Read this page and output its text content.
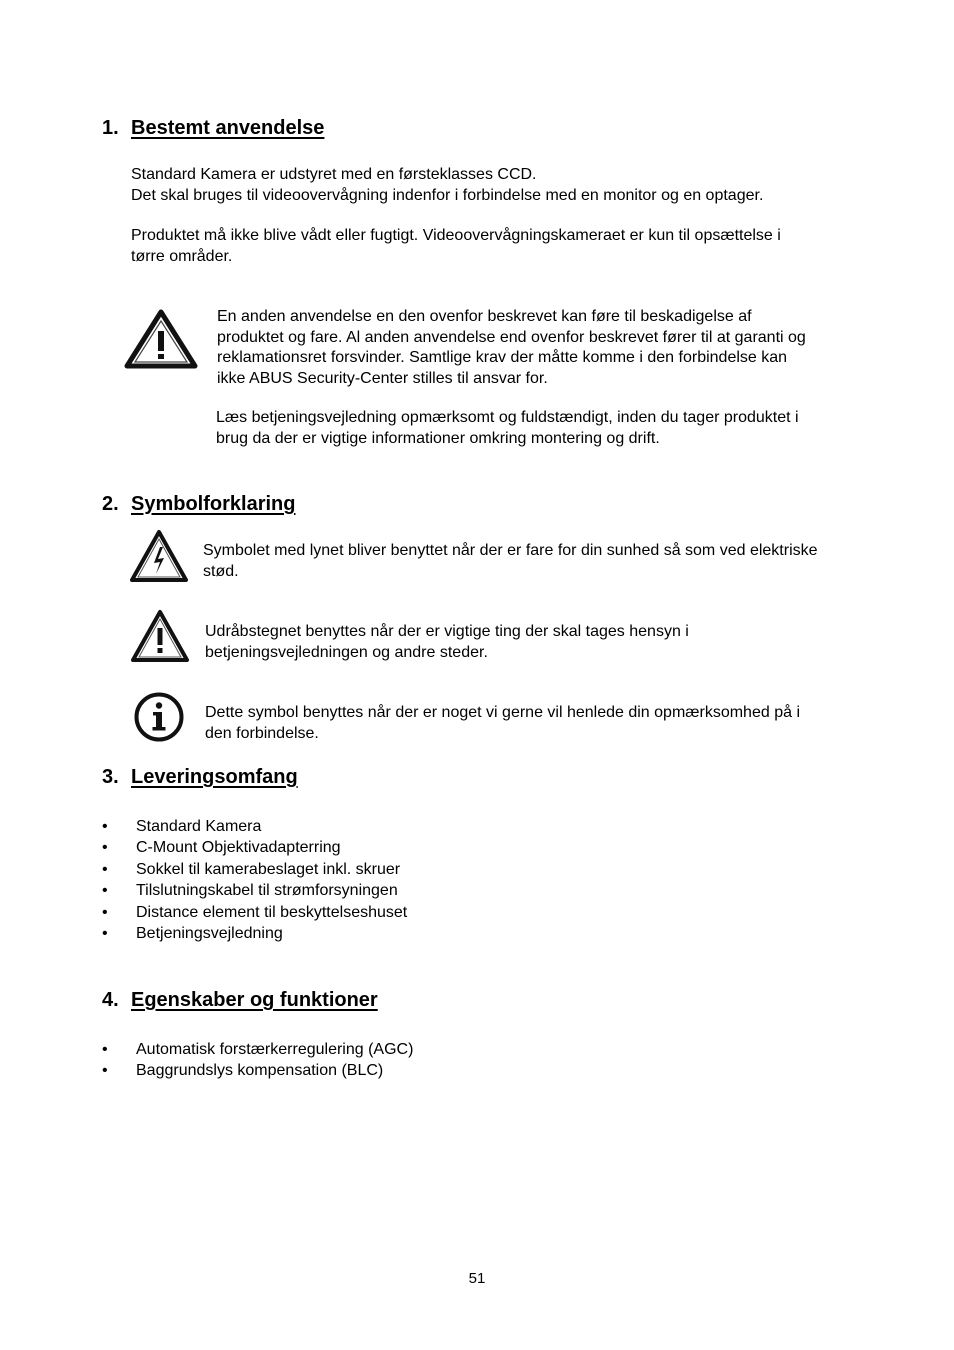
1. Bestemt anvendelse
Standard Kamera er udstyret med en førsteklasses CCD.
Det skal bruges til videoovervågning indenfor i forbindelse med en monitor og en optager.
Produktet må ikke blive vådt eller fugtigt. Videoovervågningskameraet er kun til opsættelse i
tørre områder.
En anden anvendelse en den ovenfor beskrevet kan føre til beskadigelse af
produktet og fare. Al anden anvendelse end ovenfor beskrevet fører til at garanti og
reklamationsret forsvinder. Samtlige krav der måtte komme i den forbindelse kan
ikke ABUS Security-Center stilles til ansvar for.
Læs betjeningsvejledning opmærksomt og fuldstændigt, inden du tager produktet i
brug da der er vigtige informationer omkring montering og drift.
2. Symbolforklaring
Symbolet med lynet bliver benyttet når der er fare for din sunhed så som ved elektriske
stød.
Udråbstegnet benyttes når der er vigtige ting der skal tages hensyn i
betjeningsvejledningen og andre steder.
Dette symbol benyttes når der er noget vi gerne vil henlede din opmærksomhed på i
den forbindelse.
3. Leveringsomfang
• Standard Kamera
• C-Mount Objektivadapterring
• Sokkel til kamerabeslaget inkl. skruer
• Tilslutningskabel til strømforsyningen
• Distance element til beskyttelseshuset
• Betjeningsvejledning
4. Egenskaber og funktioner
• Automatisk forstærkerregulering (AGC)
• Baggrundslys kompensation (BLC)
51
